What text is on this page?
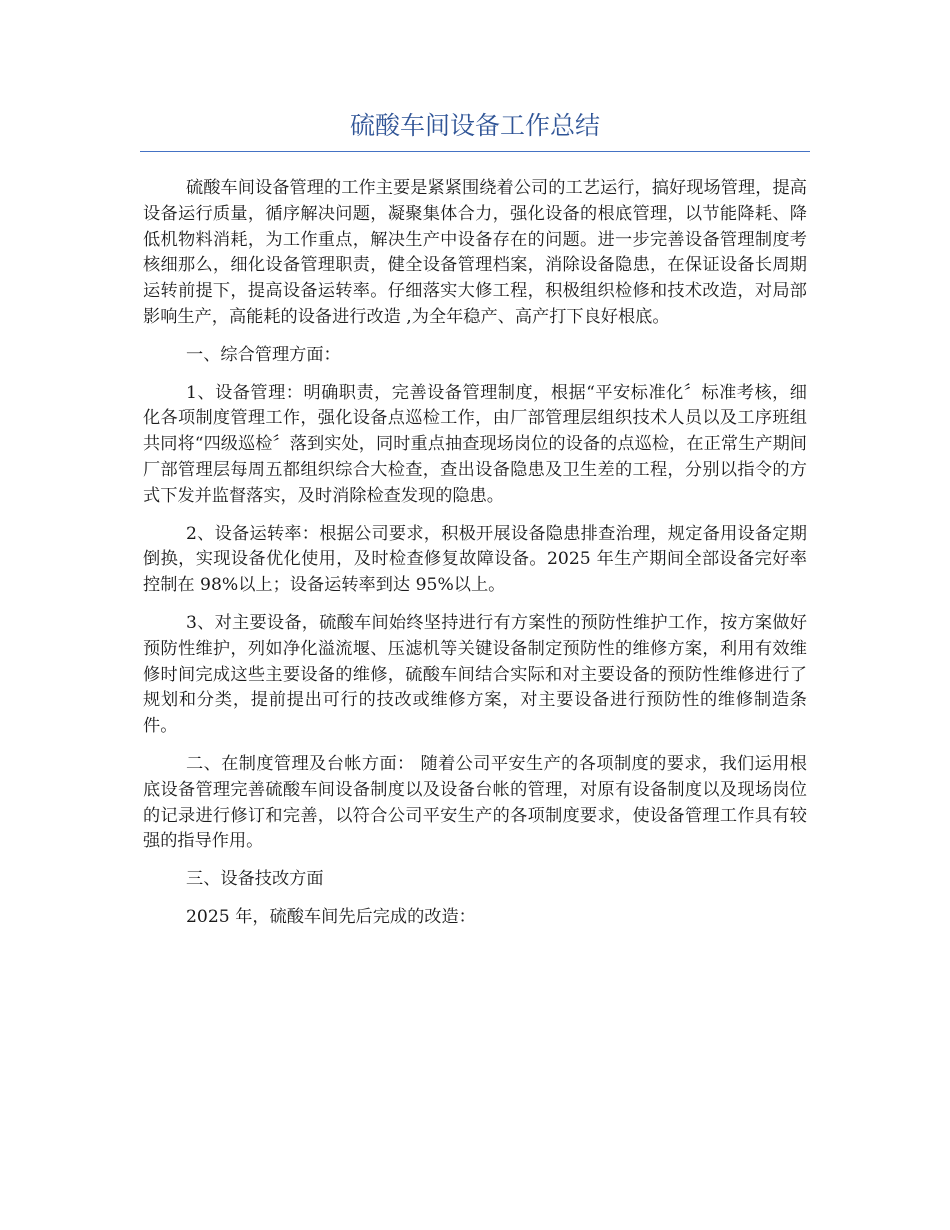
硫酸车间设备工作总结

硫酸车间设备管理的工作主要是紧紧围绕着公司的工艺运行，搞好现场管理，提高设备运行质量，循序解决问题，凝聚集体合力，强化设备的根底管理，以节能降耗、降低机物料消耗，为工作重点，解决生产中设备存在的问题。进一步完善设备管理制度考核细那么，细化设备管理职责，健全设备管理档案，消除设备隐患，在保证设备长周期运转前提下，提高设备运转率。仔细落实大修工程，积极组织检修和技术改造，对局部影响生产，高能耗的设备进行改造 ,为全年稳产、高产打下良好根底。

一、综合管理方面：

1、设备管理：明确职责，完善设备管理制度，根据“平安标准化〞标准考核，细化各项制度管理工作，强化设备点巡检工作，由厂部管理层组织技术人员以及工序班组共同将“四级巡检〞落到实处，同时重点抽查现场岗位的设备的点巡检，在正常生产期间厂部管理层每周五都组织综合大检查，查出设备隐患及卫生差的工程，分别以指令的方式下发并监督落实，及时消除检查发现的隐患。

2、设备运转率：根据公司要求，积极开展设备隐患排查治理，规定备用设备定期倒换，实现设备优化使用，及时检查修复故障设备。2025 年生产期间全部设备完好率控制在 98%以上；设备运转率到达 95%以上。

3、对主要设备，硫酸车间始终坚持进行有方案性的预防性维护工作，按方案做好预防性维护，列如净化溢流堰、压滤机等关键设备制定预防性的维修方案，利用有效维修时间完成这些主要设备的维修，硫酸车间结合实际和对主要设备的预防性维修进行了规划和分类，提前提出可行的技改或维修方案，对主要设备进行预防性的维修制造条件。

二、在制度管理及台帐方面： 随着公司平安生产的各项制度的要求，我们运用根底设备管理完善硫酸车间设备制度以及设备台帐的管理，对原有设备制度以及现场岗位的记录进行修订和完善，以符合公司平安生产的各项制度要求，使设备管理工作具有较强的指导作用。

三、设备技改方面

2025 年，硫酸车间先后完成的改造：
